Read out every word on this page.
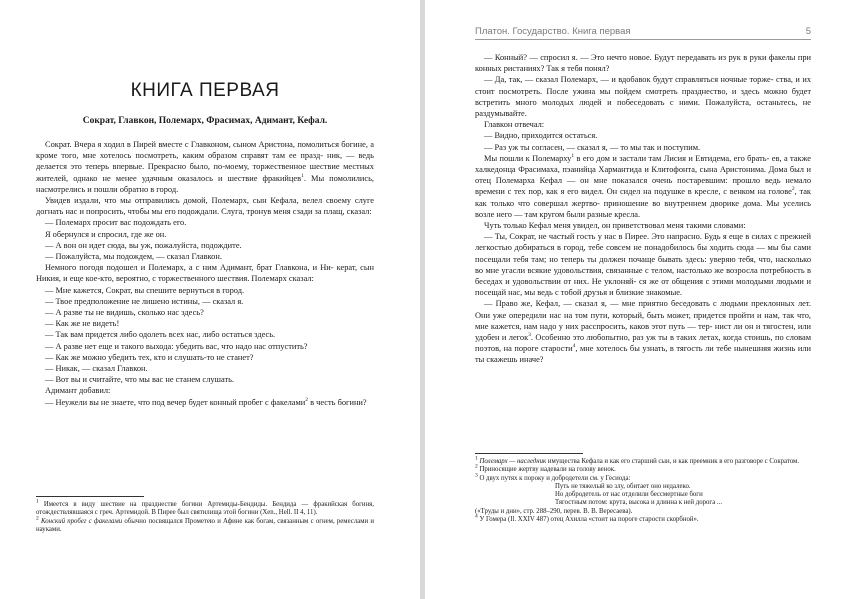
КНИГА ПЕРВАЯ
Сократ, Главкон, Полемарх, Фрасимах, Адимант, Кефал.

Сократ. Вчера я ходил в Пирей вместе с Главконом, сыном Аристона, помолиться богине, а кроме того, мне хотелось посмотреть, каким образом справят там ее празд- ник, — ведь делается это теперь впервые. Прекрасно было, по-моему, торжественное шествие местных жителей, однако не менее удачным оказалось и шествие фракийцев$^1$. Мы помолились, насмотрелись и пошли обратно в город.

Увидев издали, что мы отправились домой, Полемарх, сын Кефала, велел своему слуге догнать нас и попросить, чтобы мы его подождали. Слуга, тронув меня сзади за плащ, сказал:

— Полемарх просит вас подождать его.

Я обернулся и спросил, где же он.

— А вон он идет сюда, вы уж, пожалуйста, подождите.

— Пожалуйста, мы подождем, — сказал Главкон.

Немного погодя подошел и Полемарх, а с ним Адимант, брат Главкона, и Ни- керат, сын Никия, и еще кое-кто, вероятно, с торжественного шествия. Полемарх сказал:

— Мне кажется, Сократ, вы спешите вернуться в город.

— Твое предположение не лишено истины, — сказал я.

— А разве ты не видишь, сколько нас здесь?

— Как же не видеть!

— Так вам придется либо одолеть всех нас, либо остаться здесь.

— А разве нет еще и такого выхода: убедить вас, что надо нас отпустить?

— Как же можно убедить тех, кто и слушать-то не станет?

— Никак, — сказал Главкон.

— Вот вы и считайте, что мы вас не станем слушать.

Адимант добавил:

— Неужели вы не знаете, что под вечер будет конный пробег с факелами$^2$ в честь богини?

$^1$ Имеется в виду шествие на празднестве богини Артемиды-Бендиды. Бендида — фракийская богиня, отождествлявшаяся с греч. Артемидой. В Пирее был святилища этой богини (Xen., Hell. II 4, 11).

$^2$ Конский пробег с факелами обычно посвящался Прометею и Афине как богам, связанным с огнем, ремеслами и науками.

Платон. Государство. Книга первая	5

— Конный? — спросил я. — Это нечто новое. Будут передавать из рук в руки факелы при конных ристаниях? Так я тебя понял?

— Да, так, — сказал Полемарх, — и вдобавок будут справляться ночные торже- ства, и их стоит посмотреть. После ужина мы пойдем смотреть празднество, и здесь можно будет встретить много молодых людей и побеседовать с ними. Пожалуйста, останьтесь, не раздумывайте.

Главкон отвечал:

— Видно, приходится остаться.

— Раз уж ты согласен, — сказал я, — то мы так и поступим.

Мы пошли к Полемарху$^1$ в его дом и застали там Лисия и Евтидема, его брать- ев, а также халкедонца Фрасимаха, пэанийца Хармантида и Клитофонта, сына Аристонима. Дома был и отец Полемарха Кефал — он мне показался очень постаревшим: прошло ведь немало времени с тех пор, как я его видел. Он сидел на подушке в кресле, с венком на голове$^2$, так как только что совершал жертво- приношение во внутреннем дворике дома. Мы уселись возле него — там кругом были разные кресла.

Чуть только Кефал меня увидел, он приветствовал меня такими словами:

— Ты, Сократ, не частый гость у нас в Пирее. Это напрасно. Будь я еще в силах с прежней легкостью добираться в город, тебе совсем не понадобилось бы ходить сюда — мы бы сами посещали тебя там; но теперь ты должен почаще бывать здесь: уверяю тебя, что, насколько во мне угасли всякие удовольствия, связанные с телом, настолько же возросла потребность в беседах и удовольствии от них. Не уклоняй- ся же от общения с этими молодыми людьми и посещай нас, мы ведь с тобой друзья и близкие знакомые.

— Право же, Кефал, — сказал я, — мне приятно беседовать с людьми преклонных лет. Они уже опередили нас на том пути, который, быть может, придется пройти и нам, так что, мне кажется, нам надо у них расспросить, каков этот путь — тер- нист ли он и тягостен, или удобен и легок$^3$. Особенно это любопытно, раз уж ты в таких летах, когда стоишь, по словам поэтов, на пороге старости$^4$, мне хотелось бы узнать, в тягость ли тебе нынешняя жизнь или ты скажешь иначе?

$^1$ Полемарх — наследник имущества Кефала и как его старший сын, и как преемник в его разговоре с Сократом.

$^2$ Приносящие жертву надевали на голову венок.

$^3$ О двух путях к пороку и добродетели см. у Гесиода:

Путь не тяжелый ко злу, обитает оно недалеко.

Но добродетель от нас отделили бессмертные боги

Тягостным потом: крута, высока и длинна к ней дорога ...

(«Труды и дни», стр. 288–290, перев. В. В. Вересаева).

$^4$ У Гомера (Il. XXIV 487) отец Ахилла «стоит на пороге старости скорбной».
